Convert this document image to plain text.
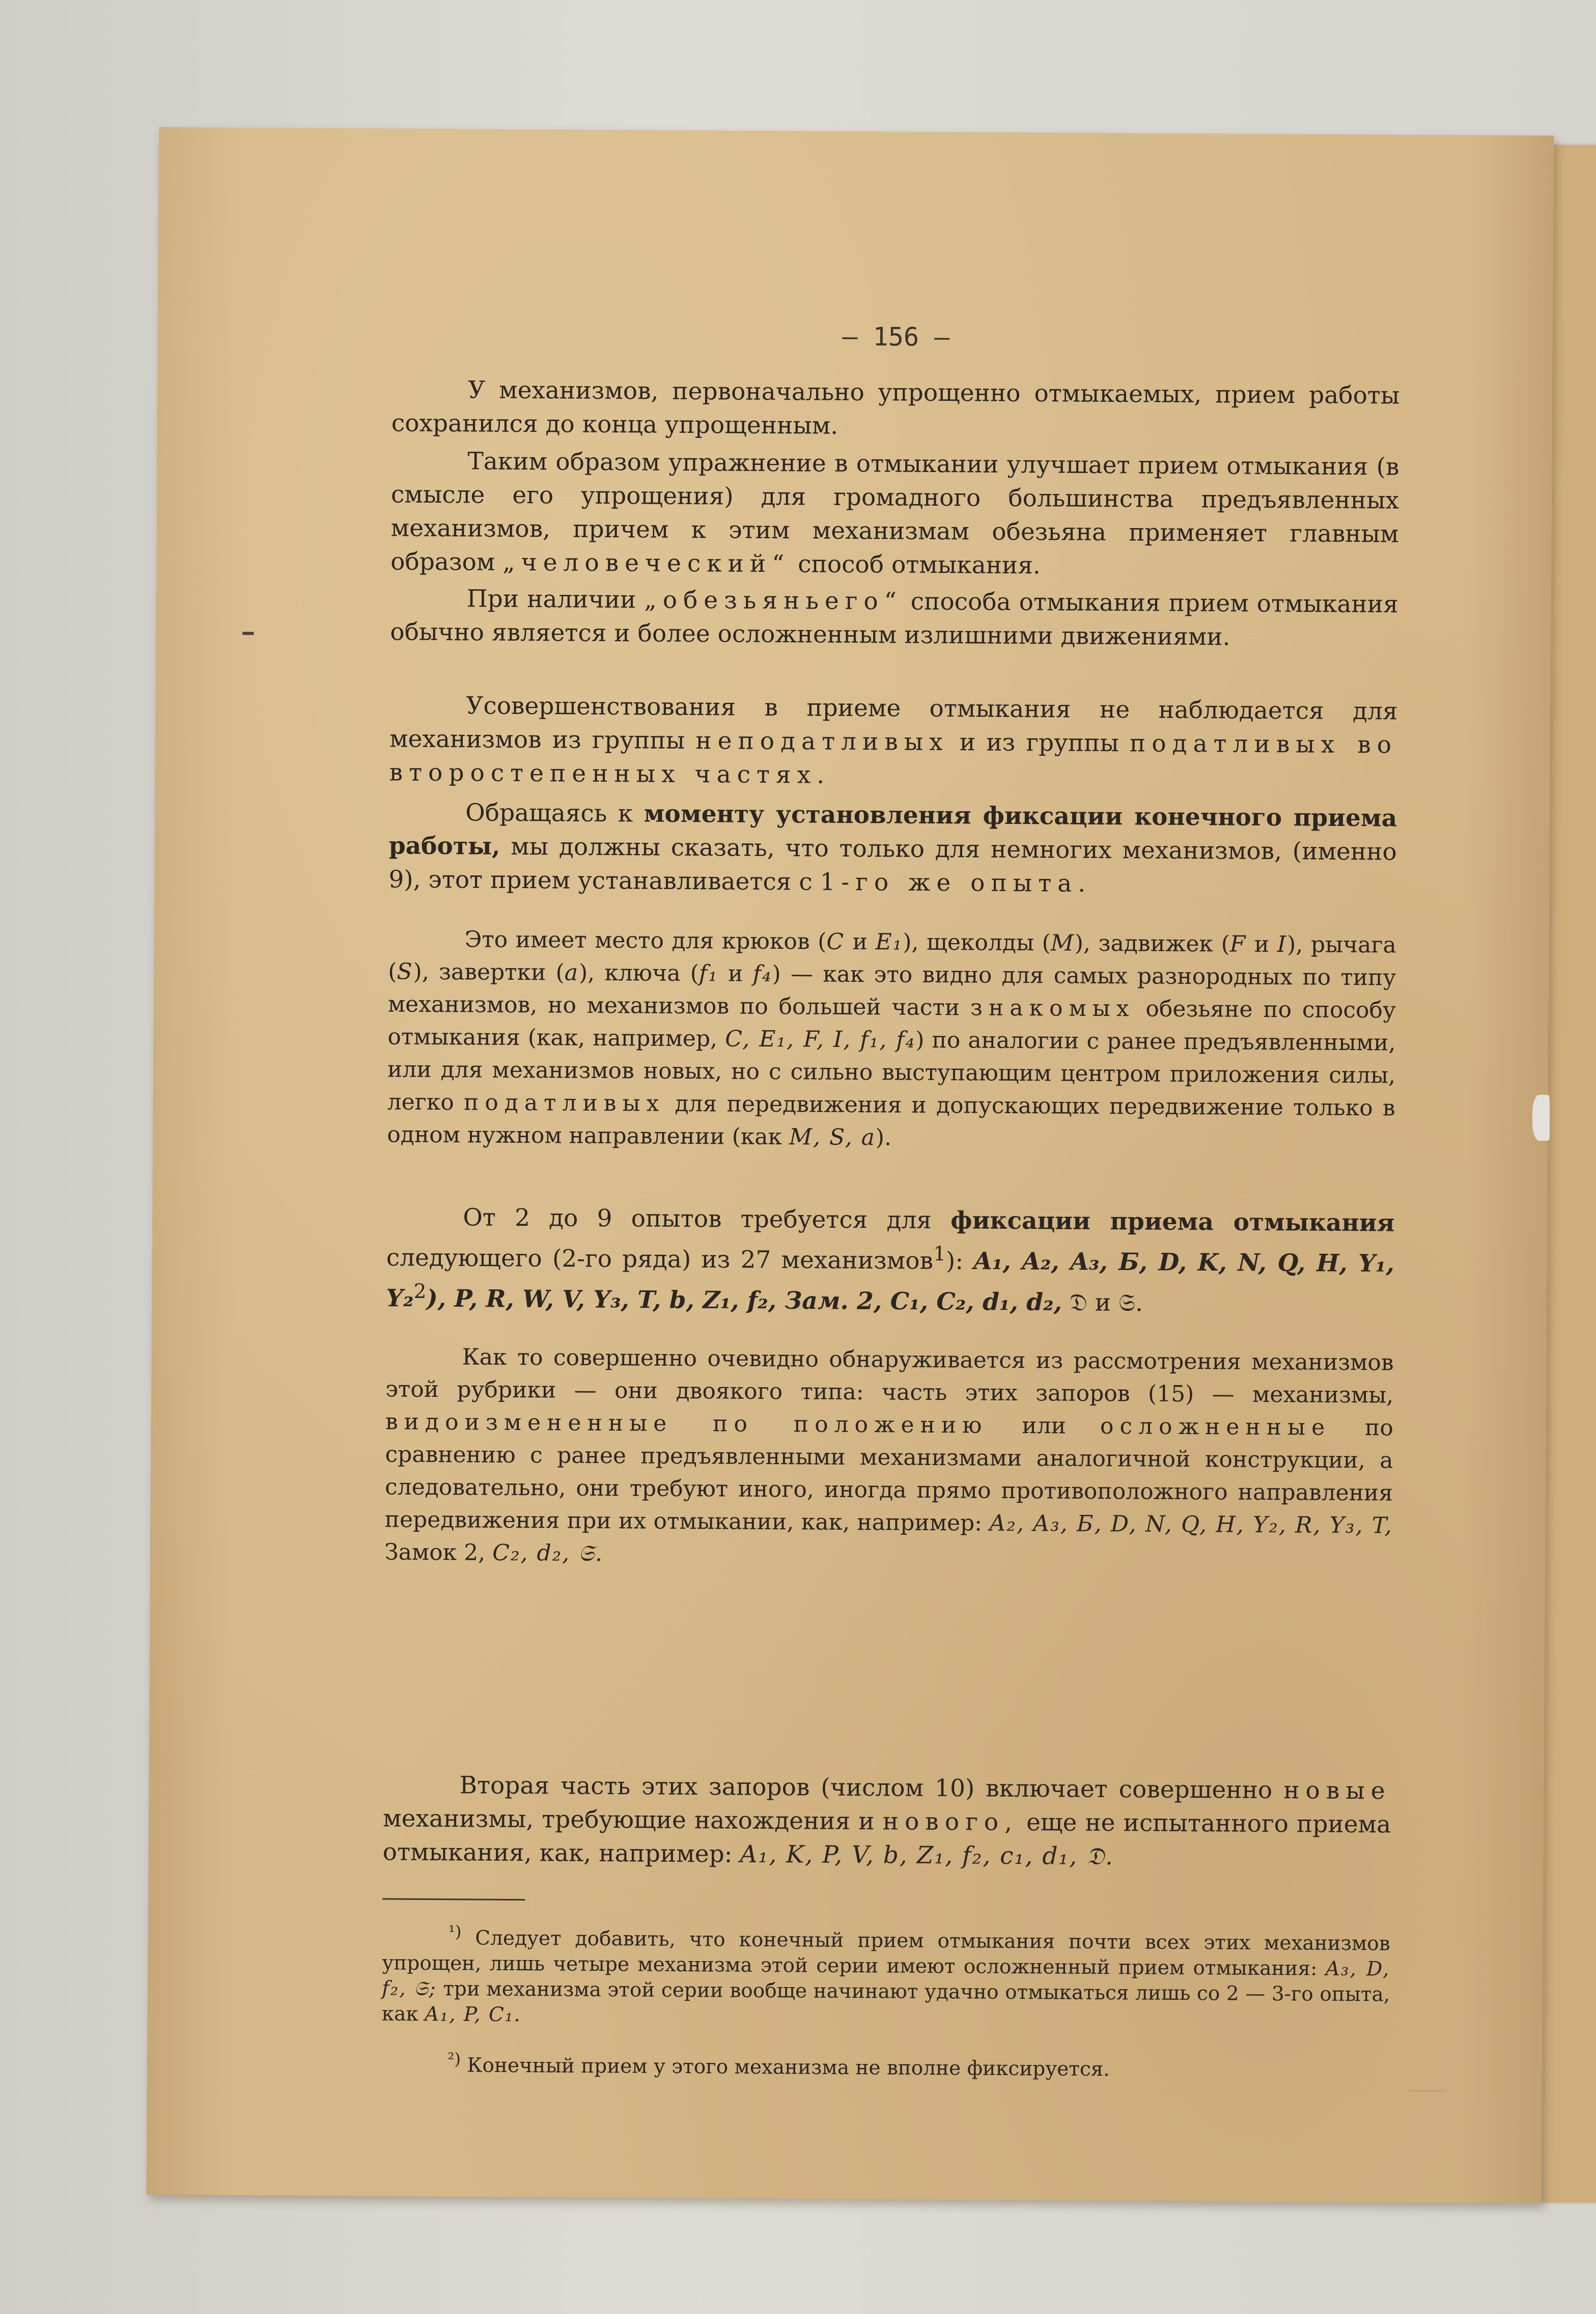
— 156 —

У механизмов, первоначально упрощенно отмыкаемых, прием работы сохранился до конца упрощенным.

Таким образом упражнение в отмыкании улучшает прием отмыкания (в смысле его упрощения) для громадного большинства предъявленных механизмов, причем к этим механизмам обезьяна применяет главным образом „человеческий“ способ отмыкания.

При наличии „обезьяньего“ способа отмыкания прием отмыкания обычно является и более осложненным излишними движениями.

Усовершенствования в приеме отмыкания не наблюдается для механизмов из группы неподатливых и из группы податливых во второстепенных частях.

Обращаясь к моменту установления фиксации конечного приема работы, мы должны сказать, что только для немногих механизмов, (именно 9), этот прием устанавливается с 1-го же опыта.

Это имеет место для крюков (C и E₁), щеколды (M), задвижек (F и I), рычага (S), завертки (a), ключа (f₁ и f₄) — как это видно для самых разнородных по типу механизмов, но механизмов по большей части знакомых обезьяне по способу отмыкания (как, например, C, E₁, F, I, f₁, f₄) по аналогии с ранее предъявленными, или для механизмов новых, но с сильно выступающим центром приложения силы, легко податливых для передвижения и допускающих передвижение только в одном нужном направлении (как M, S, a).

От 2 до 9 опытов требуется для фиксации приема отмыкания следующего (2-го ряда) из 27 механизмов$^1$): A₁, A₂, A₃, Б, D, K, N, Q, H, Y₁, Y₂$^2$), P, R, W, V, Y₃, T, b, Z₁, f₂, Зам. 2, C₁, C₂, d₁, d₂, 𝔇 и 𝔖.

Как то совершенно очевидно обнаруживается из рассмотрения механизмов этой рубрики — они двоякого типа: часть этих запоров (15) — механизмы, видоизмененные по положению или осложненные по сравнению с ранее предъявленными механизмами аналогичной конструкции, а следовательно, они требуют иного, иногда прямо противоположного направления передвижения при их отмыкании, как, например: A₂, A₃, Б, D, N, Q, H, Y₂, R, Y₃, T, Замок 2, C₂, d₂, 𝔖.

Вторая часть этих запоров (числом 10) включает совершенно новые механизмы, требующие нахождения и нового, еще не испытанного приема отмыкания, как, например: A₁, K, P, V, b, Z₁, f₂, c₁, d₁, 𝔇.

$^{^1)}$ Следует добавить, что конечный прием отмыкания почти всех этих механизмов упрощен, лишь четыре механизма этой серии имеют осложненный прием отмыкания: A₃, D, f₂, 𝔖; три механизма этой серии вообще начинают удачно отмыкаться лишь со 2 — 3-го опыта, как A₁, P, C₁.

$^{^2)}$ Конечный прием у этого механизма не вполне фиксируется.
